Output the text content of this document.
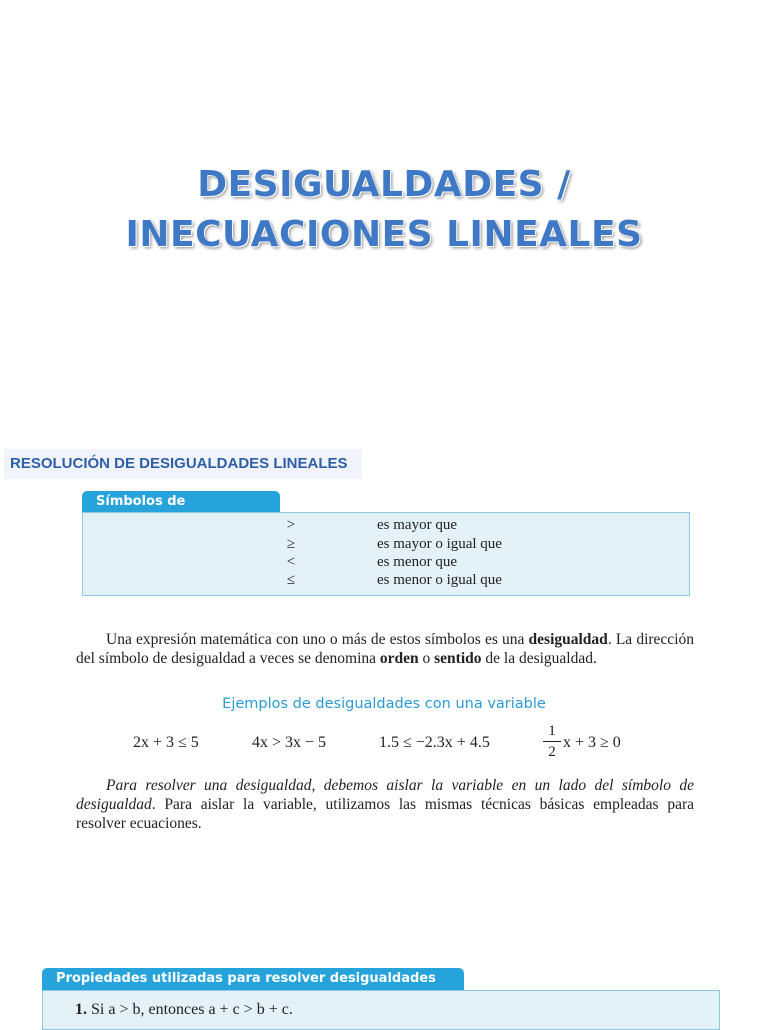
DESIGUALDADES /
INECUACIONES LINEALES
RESOLUCIÓN DE DESIGUALDADES LINEALES
Símbolos de
>	es mayor que
≥	es mayor o igual que
<	es menor que
≤	es menor o igual que
Una expresión matemática con uno o más de estos símbolos es una desigualdad. La dirección del símbolo de desigualdad a veces se denomina orden o sentido de la desigualdad.
Ejemplos de desigualdades con una variable
2x + 3 ≤ 5	4x > 3x − 5	1.5 ≤ −2.3x + 4.5
1
2
x + 3 ≥ 0
Para resolver una desigualdad, debemos aislar la variable en un lado del símbolo de desigualdad. Para aislar la variable, utilizamos las mismas técnicas básicas empleadas para resolver ecuaciones.
Propiedades utilizadas para resolver desigualdades
1. Si a > b, entonces a + c > b + c.
